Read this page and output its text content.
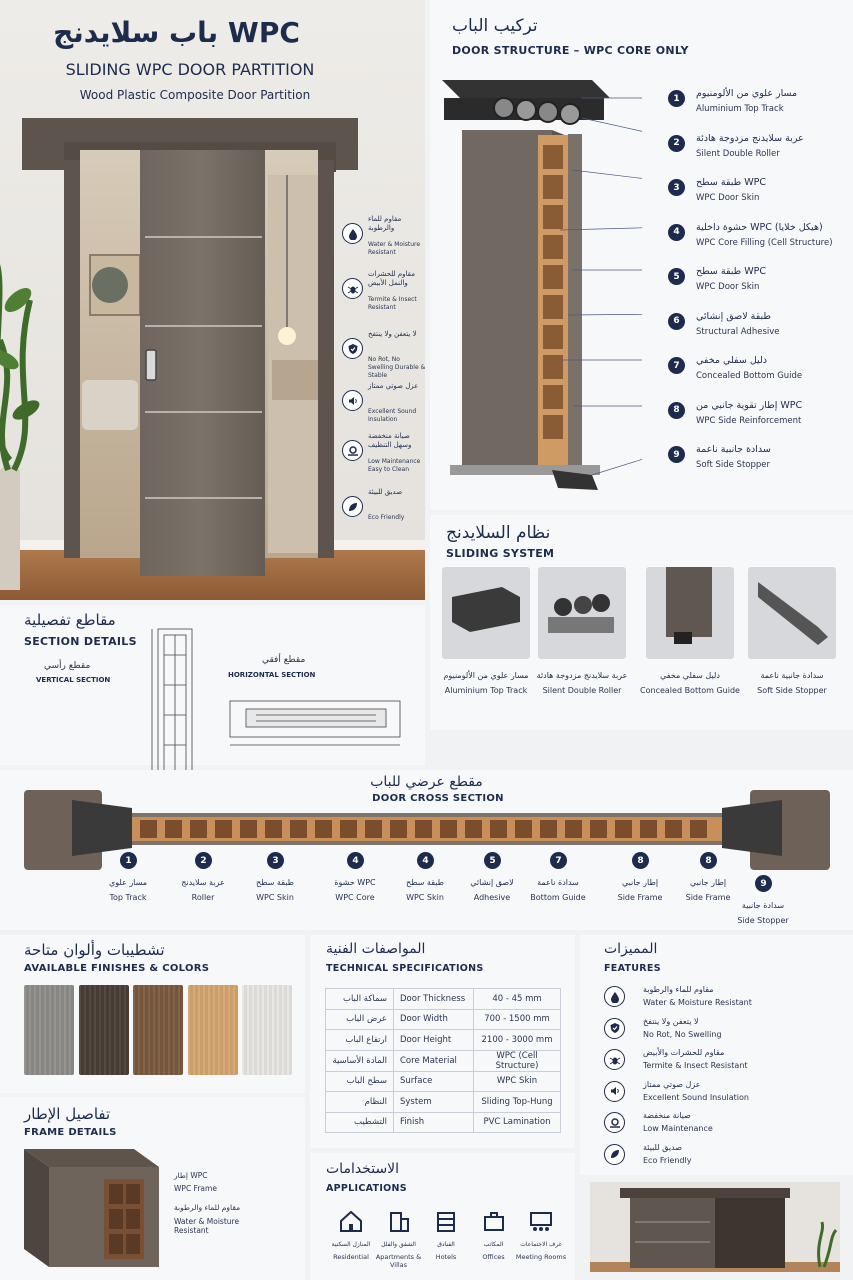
باب سلايدنج WPC
SLIDING WPC DOOR PARTITION
Wood Plastic Composite Door Partition
مقاوم للماء والرطوبة
Water & Moisture Resistant
مقاوم للحشرات والنمل الأبيض
Termite & Insect Resistant
لا يتعفن ولا ينتفخ
No Rot, No Swelling Durable & Stable
عزل صوتي ممتاز
Excellent Sound Insulation
صيانة منخفضة وسهل التنظيف
Low Maintenance Easy to Clean
صديق للبيئة
Eco Friendly
تركيب الباب
DOOR STRUCTURE – WPC CORE ONLY
1	مسار علوي من الألومنيوم
Aluminium Top Track
2	عربة سلايدنج مزدوجة هادئة
Silent Double Roller
3	طبقة سطح WPC
WPC Door Skin
4	حشوة داخلية WPC (هيكل خلايا)
WPC Core Filling (Cell Structure)
5	طبقة سطح WPC
WPC Door Skin
6	طبقة لاصق إنشائي
Structural Adhesive
7	دليل سفلي مخفي
Concealed Bottom Guide
8	إطار تقوية جانبي من WPC
WPC Side Reinforcement
9	سدادة جانبية ناعمة
Soft Side Stopper
نظام السلايدنج
SLIDING SYSTEM
مسار علوي من الألومنيوم
Aluminium Top Track
عربة سلايدنج مزدوجة هادئة
Silent Double Roller
دليل سفلي مخفي
Concealed Bottom Guide
سدادة جانبية ناعمة
Soft Side Stopper
مقاطع تفصيلية
SECTION DETAILS
مقطع رأسي
VERTICAL SECTION
مقطع أفقي
HORIZONTAL SECTION
مقطع عرضي للباب
DOOR CROSS SECTION
1
مسار علوي
Top Track
2
عربة سلايدنج
Roller
3
طبقة سطح
WPC Skin
4
حشوة WPC
WPC Core
4
طبقة سطح
WPC Skin
5
لاصق إنشائي
Adhesive
7
سدادة ناعمة
Bottom Guide
8
إطار جانبي
Side Frame
8
إطار جانبي
Side Frame
9
سدادة جانبية
Side Stopper
تشطيبات وألوان متاحة
AVAILABLE FINISHES & COLORS
تفاصيل الإطار
FRAME DETAILS
إطار WPC
WPC Frame
مقاوم للماء والرطوبة
Water & Moisture Resistant
المواصفات الفنية
TECHNICAL SPECIFICATIONS
سماكة الباب	Door Thickness	40 - 45 mm
عرض الباب	Door Width	700 - 1500 mm
ارتفاع الباب	Door Height	2100 - 3000 mm
المادة الأساسية	Core Material	WPC (Cell Structure)
سطح الباب	Surface	WPC Skin
النظام	System	Sliding Top-Hung
التشطيب	Finish	PVC Lamination
الاستخدامات
APPLICATIONS
المنازل السكنية
Residential
الشقق والفلل
Apartments & Villas
الفنادق
Hotels
المكاتب
Offices
غرف الاجتماعات
Meeting Rooms
المميزات
FEATURES
مقاوم للماء والرطوبة
Water & Moisture Resistant
لا يتعفن ولا ينتفخ
No Rot, No Swelling
مقاوم للحشرات والأبيض
Termite & Insect Resistant
عزل صوتي ممتاز
Excellent Sound Insulation
صيانة منخفضة
Low Maintenance
صديق للبيئة
Eco Friendly
